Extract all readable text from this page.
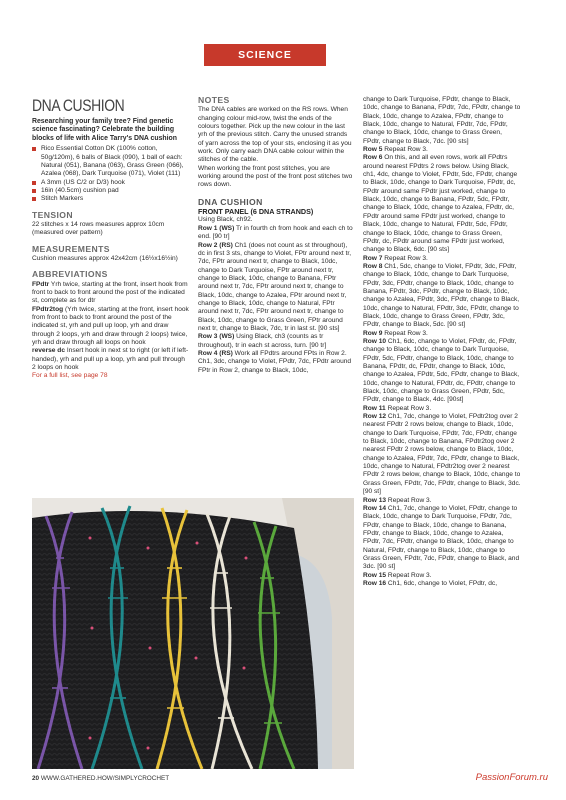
SCIENCE COLLECTION
DNA CUSHION

Researching your family tree? Find genetic science fascinating? Celebrate the building blocks of life with Alice Tarry's DNA cushion

Rico Essential Cotton DK (100% cotton, 50g/120m), 6 balls of Black (090), 1 ball of each: Natural (051), Banana (063), Grass Green (066), Azalea (068), Dark Turquoise (071), Violet (111)
A 3mm (US C/2 or D/3) hook
16in (40.5cm) cushion pad
Stitch Markers
TENSION

22 stitches x 14 rows measures approx 10cm (measured over pattern)

MEASUREMENTS

Cushion measures approx 42x42cm (16½x16½in)

ABBREVIATIONS

FPdtr Yrh twice, starting at the front, insert hook from front to back to front around the post of the indicated st, complete as for dtr

FPdtr2tog (Yrh twice, starting at the front, insert hook from front to back to front around the post of the indicated st, yrh and pull up loop, yrh and draw through 2 loops, yrh and draw through 2 loops) twice, yrh and draw through all loops on hook

reverse dc Insert hook in next st to right (or left if left-handed), yrh and pull up a loop, yrh and pull through 2 loops on hook

For a full list, see page 78

NOTES

The DNA cables are worked on the RS rows. When changing colour mid-row, twist the ends of the colours together. Pick up the new colour in the last yrh of the previous stitch. Carry the unused strands of yarn across the top of your sts, enclosing it as you work. Only carry each DNA cable colour within the stitches of the cable.

When working the front post stitches, you are working around the post of the front post stitches two rows down.

DNA CUSHION
FRONT PANEL (6 DNA STRANDS)

Using Black, ch92.

Row 1 (WS) Tr in fourth ch from hook and each ch to end. [90 tr]

Row 2 (RS) Ch1 (does not count as st throughout), dc in first 3 sts, change to Violet, FPtr around next tr, 7dc, FPtr around next tr, change to Black, 10dc, change to Dark Turquoise, FPtr around next tr, change to Black, 10dc, change to Banana, FPtr around next tr, 7dc, FPtr around next tr, change to Black, 10dc, change to Azalea, FPtr around next tr, change to Black, 10dc, change to Natural, FPtr around next tr, 7dc, FPtr around next tr, change to Black, 10dc, change to Grass Green, FPtr around next tr, change to Black, 7dc, tr in last st. [90 sts]

Row 3 (WS) Using Black, ch3 (counts as tr throughout), tr in each st across, turn. [90 tr]

Row 4 (RS) Work all FPdtrs around FPts in Row 2. Ch1, 3dc, change to Violet, FPdtr, 7dc, FPdtr around FPtr in Row 2, change to Black, 10dc,

change to Dark Turquoise, FPdtr, change to Black, 10dc, change to Banana, FPdtr, 7dc, FPdtr, change to Black, 10dc, change to Azalea, FPdtr, change to Black, 10dc, change to Natural, FPdtr, 7dc, FPdtr, change to Black, 10dc, change to Grass Green, FPdtr, change to Black, 7dc. [90 sts]

Row 5 Repeat Row 3.

Row 6 On this, and all even rows, work all FPdtrs around nearest FPdtrs 2 rows below. Using Black, ch1, 4dc, change to Violet, FPdtr, 5dc, FPdtr, change to Black, 10dc, change to Dark Turquoise, FPdtr, dc, FPdtr around same FPdtr just worked, change to Black, 10dc, change to Banana, FPdtr, 5dc, FPdtr, change to Black, 10dc, change to Azalea, FPdtr, dc, FPdtr around same FPdtr just worked, change to Black, 10dc, change to Natural, FPdtr, 5dc, FPdtr, change to Black, 10dc, change to Grass Green, FPdtr, dc, FPdtr around same FPdtr just worked, change to Black, 6dc. [90 sts]

Row 7 Repeat Row 3.

Row 8 Ch1, 5dc, change to Violet, FPdtr, 3dc, FPdtr, change to Black, 10dc, change to Dark Turquoise, FPdtr, 3dc, FPdtr, change to Black, 10dc, change to Banana, FPdtr, 3dc, FPdtr, change to Black, 10dc, change to Azalea, FPdtr, 3dc, FPdtr, change to Black, 10dc, change to Natural, FPdtr, 3dc, FPdtr, change to Black, 10dc, change to Grass Green, FPdtr, 3dc, FPdtr, change to Black, 5dc. [90 st]

Row 9 Repeat Row 3.

Row 10 Ch1, 6dc, change to Violet, FPdtr, dc, FPdtr, change to Black, 10dc, change to Dark Turquoise, FPdtr, 5dc, FPdtr, change to Black, 10dc, change to Banana, FPdtr, dc, FPdtr, change to Black, 10dc, change to Azalea, FPdtr, 5dc, FPdtr, change to Black, 10dc, change to Natural, FPdtr, dc, FPdtr, change to Black, 10dc, change to Grass Green, FPdtr, 5dc, FPdtr, change to Black, 4dc. [90st]

Row 11 Repeat Row 3.

Row 12 Ch1, 7dc, change to Violet, FPdtr2tog over 2 nearest FPdtr 2 rows below, change to Black, 10dc, change to Dark Turquoise, FPdtr, 7dc, FPdtr, change to Black, 10dc, change to Banana, FPdtr2tog over 2 nearest FPdtr 2 rows below, change to Black, 10dc, change to Azalea, FPdtr, 7dc, FPdtr, change to Black, 10dc, change to Natural, FPdtr2tog over 2 nearest FPdtr 2 rows below, change to Black, 10dc, change to Grass Green, FPdtr, 7dc, FPdtr, change to Black, 3dc. [90 st]

Row 13 Repeat Row 3.

Row 14 Ch1, 7dc, change to Violet, FPdtr, change to Black, 10dc, change to Dark Turquoise, FPdtr, 7dc, FPdtr, change to Black, 10dc, change to Banana, FPdtr, change to Black, 10dc, change to Azalea, FPdtr, 7dc, FPdtr, change to Black, 10dc, change to Natural, FPdtr, change to Black, 10dc, change to Grass Green, FPdtr, 7dc, FPdtr, change to Black, and 3dc. [90 st]

Row 15 Repeat Row 3.

Row 16 Ch1, 6dc, change to Violet, FPdtr, dc,

20 WWW.GATHERED.HOW/SIMPLYCROCHET	PassionForum.ru
